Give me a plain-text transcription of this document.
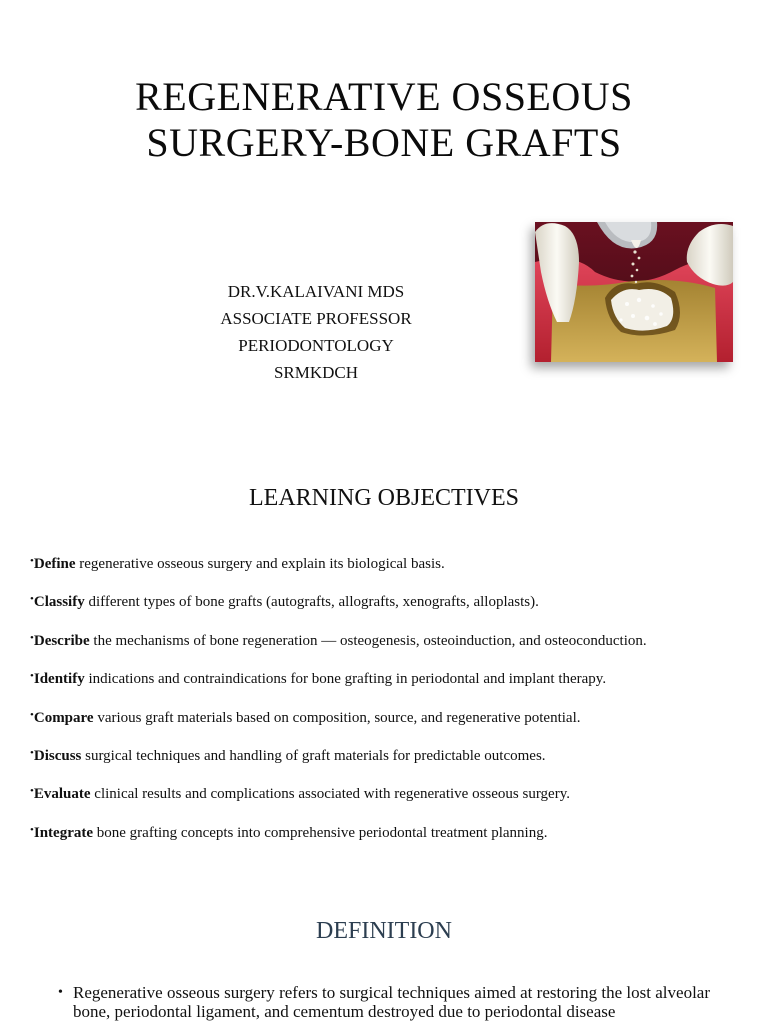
REGENERATIVE OSSEOUS
SURGERY-BONE GRAFTS
DR.V.KALAIVANI MDS
ASSOCIATE PROFESSOR
PERIODONTOLOGY
SRMKDCH
LEARNING OBJECTIVES
•Define regenerative osseous surgery and explain its biological basis.
•Classify different types of bone grafts (autografts, allografts, xenografts, alloplasts).
•Describe the mechanisms of bone regeneration — osteogenesis, osteoinduction, and osteoconduction.
•Identify indications and contraindications for bone grafting in periodontal and implant therapy.
•Compare various graft materials based on composition, source, and regenerative potential.
•Discuss surgical techniques and handling of graft materials for predictable outcomes.
•Evaluate clinical results and complications associated with regenerative osseous surgery.
•Integrate bone grafting concepts into comprehensive periodontal treatment planning.
DEFINITION
• Regenerative osseous surgery refers to surgical techniques aimed at restoring the lost alveolar bone, periodontal ligament, and cementum destroyed due to periodontal disease
